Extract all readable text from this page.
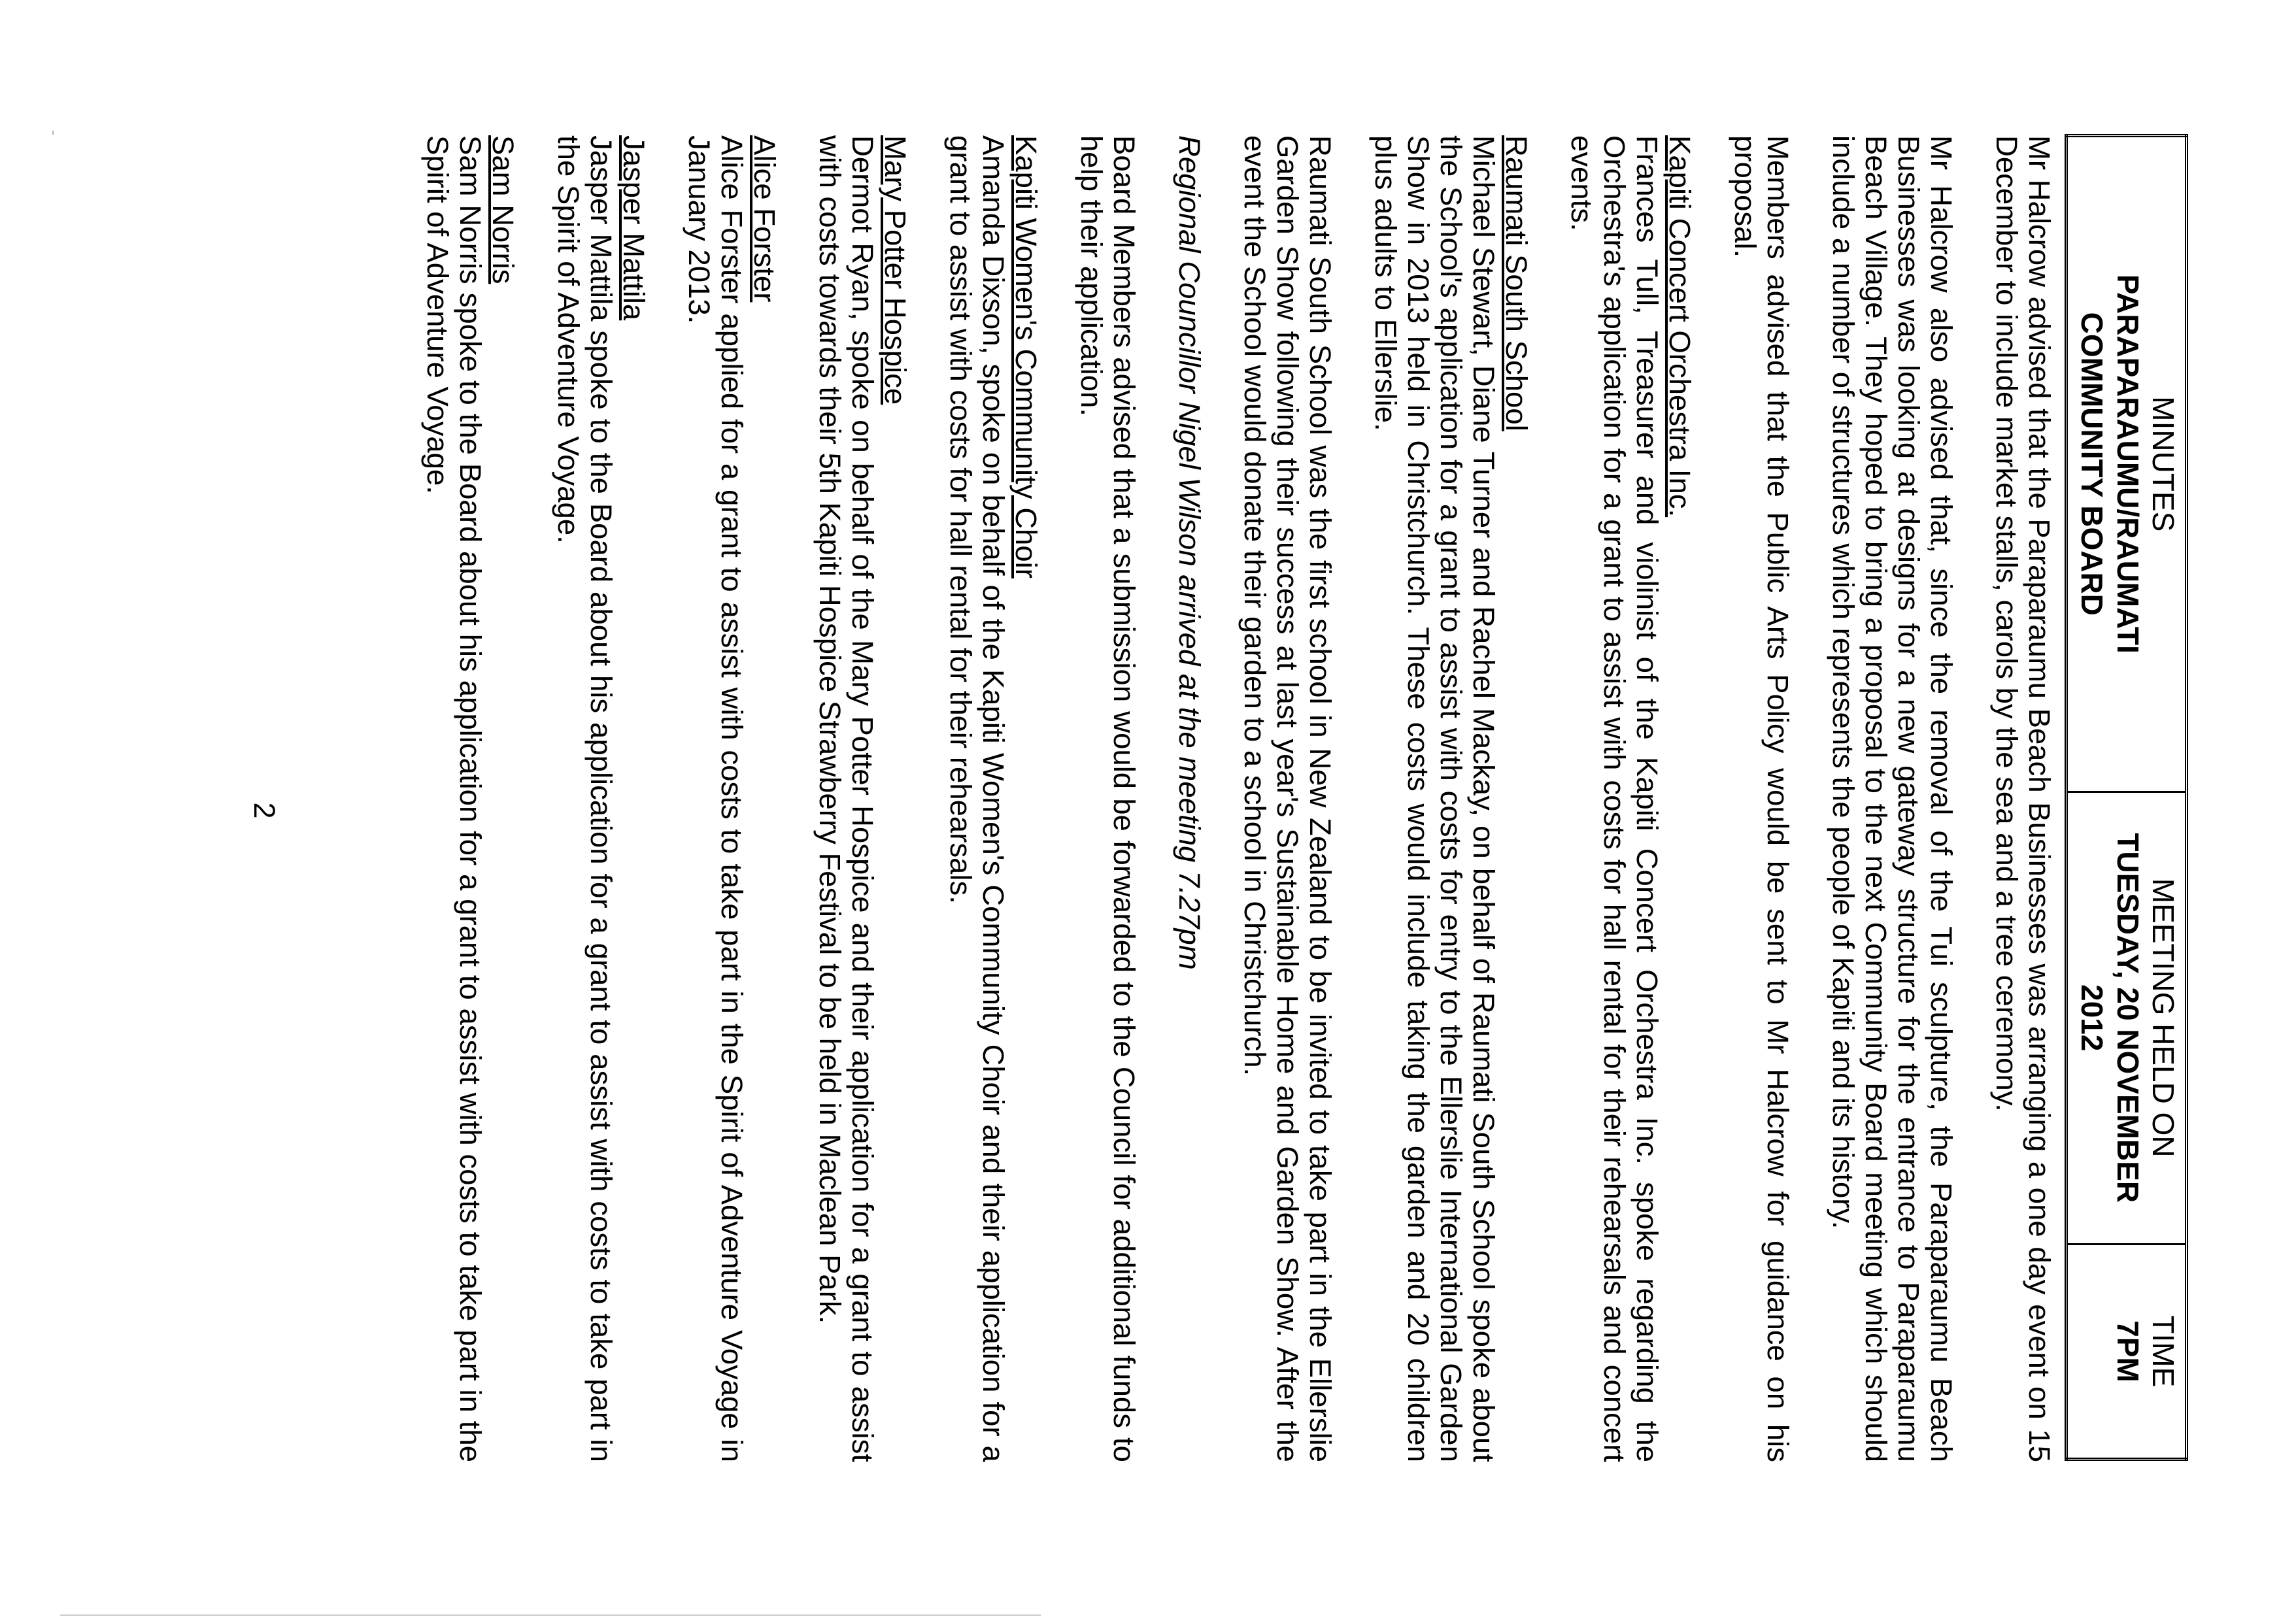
MINUTES
PARAPARAUMU/RAUMATI
COMMUNITY BOARD

MEETING HELD ON
TUESDAY, 20 NOVEMBER 2012

TIME
7PM

Mr Halcrow advised that the Paraparaumu Beach Businesses was arranging a one day event on 15 December to include market stalls, carols by the sea and a tree ceremony.

Mr Halcrow also advised that, since the removal of the Tui sculpture, the Paraparaumu Beach Businesses was looking at designs for a new gateway structure for the entrance to Paraparaumu Beach Village. They hoped to bring a proposal to the next Community Board meeting which should include a number of structures which represents the people of Kapiti and its history.

Members advised that the Public Arts Policy would be sent to Mr Halcrow for guidance on his proposal.

Kapiti Concert Orchestra Inc.

Frances Tull, Treasurer and violinist of the Kapiti Concert Orchestra Inc. spoke regarding the Orchestra's application for a grant to assist with costs for hall rental for their rehearsals and concert events.

Raumati South School

Michael Stewart, Diane Turner and Rachel Mackay, on behalf of Raumati South School spoke about the School's application for a grant to assist with costs for entry to the Ellerslie International Garden Show in 2013 held in Christchurch. These costs would include taking the garden and 20 children plus adults to Ellerslie.

Raumati South School was the first school in New Zealand to be invited to take part in the Ellerslie Garden Show following their success at last year's Sustainable Home and Garden Show. After the event the School would donate their garden to a school in Christchurch.

Regional Councillor Nigel Wilson arrived at the meeting 7.27pm

Board Members advised that a submission would be forwarded to the Council for additional funds to help their application.

Kapiti Women's Community Choir

Amanda Dixson, spoke on behalf of the Kapiti Women's Community Choir and their application for a grant to assist with costs for hall rental for their rehearsals.

Mary Potter Hospice

Dermot Ryan, spoke on behalf of the Mary Potter Hospice and their application for a grant to assist with costs towards their 5th Kapiti Hospice Strawberry Festival to be held in Maclean Park.

Alice Forster

Alice Forster applied for a grant to assist with costs to take part in the Spirit of Adventure Voyage in January 2013.

Jasper Mattila

Jasper Mattila spoke to the Board about his application for a grant to assist with costs to take part in the Spirit of Adventure Voyage.

Sam Norris

Sam Norris spoke to the Board about his application for a grant to assist with costs to take part in the Spirit of Adventure Voyage.

2
